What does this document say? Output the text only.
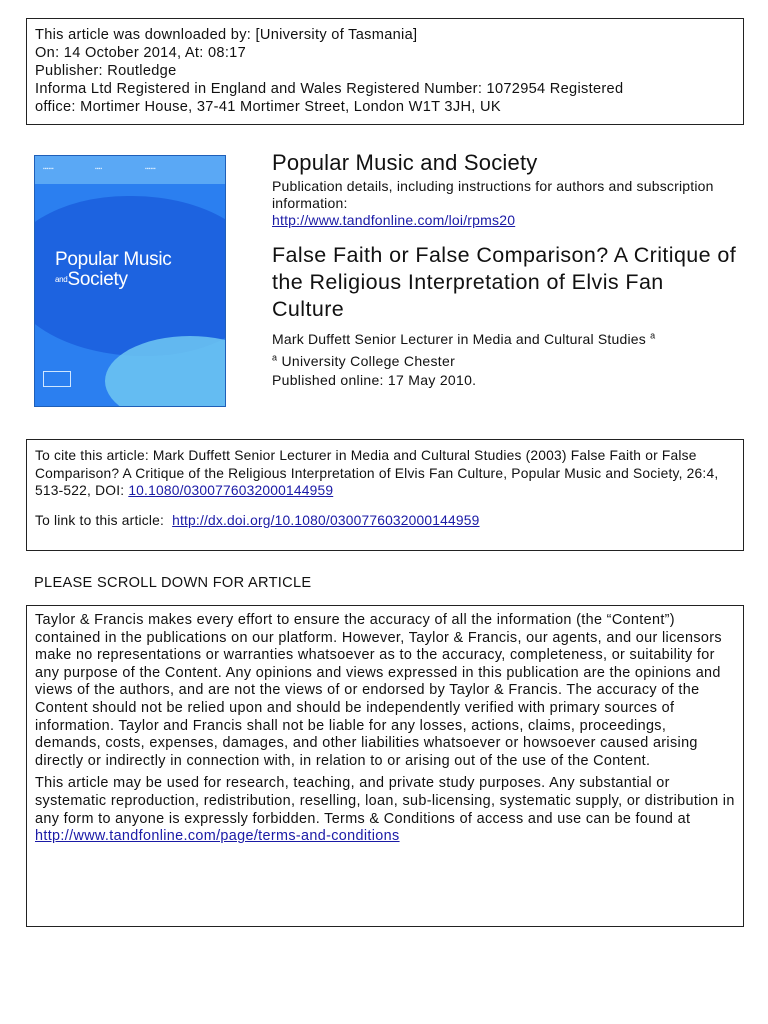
This article was downloaded by: [University of Tasmania]
On: 14 October 2014, At: 08:17
Publisher: Routledge
Informa Ltd Registered in England and Wales Registered Number: 1072954 Registered
office: Mortimer House, 37-41 Mortimer Street, London W1T 3JH, UK
▪▪▪▪▪▪	▪▪▪▪	▪▪▪▪▪▪
Popular Music
andSociety
Popular Music and Society
Publication details, including instructions for authors and subscription information:
http://www.tandfonline.com/loi/rpms20
False Faith or False Comparison? A Critique of the Religious Interpretation of Elvis Fan Culture
Mark Duffett Senior Lecturer in Media and Cultural Studies $^a$
$^a$ University College Chester
Published online: 17 May 2010.
To cite this article: Mark Duffett Senior Lecturer in Media and Cultural Studies (2003) False Faith or False Comparison? A Critique of the Religious Interpretation of Elvis Fan Culture, Popular Music and Society, 26:4, 513-522, DOI: 10.1080/0300776032000144959
To link to this article: http://dx.doi.org/10.1080/0300776032000144959
PLEASE SCROLL DOWN FOR ARTICLE

Taylor & Francis makes every effort to ensure the accuracy of all the information (the “Content”) contained in the publications on our platform. However, Taylor & Francis, our agents, and our licensors make no representations or warranties whatsoever as to the accuracy, completeness, or suitability for any purpose of the Content. Any opinions and views expressed in this publication are the opinions and views of the authors, and are not the views of or endorsed by Taylor & Francis. The accuracy of the Content should not be relied upon and should be independently verified with primary sources of information. Taylor and Francis shall not be liable for any losses, actions, claims, proceedings, demands, costs, expenses, damages, and other liabilities whatsoever or howsoever caused arising directly or indirectly in connection with, in relation to or arising out of the use of the Content.

This article may be used for research, teaching, and private study purposes. Any substantial or systematic reproduction, redistribution, reselling, loan, sub-licensing, systematic supply, or distribution in any form to anyone is expressly forbidden. Terms & Conditions of access and use can be found at http://www.tandfonline.com/page/terms-and-conditions
